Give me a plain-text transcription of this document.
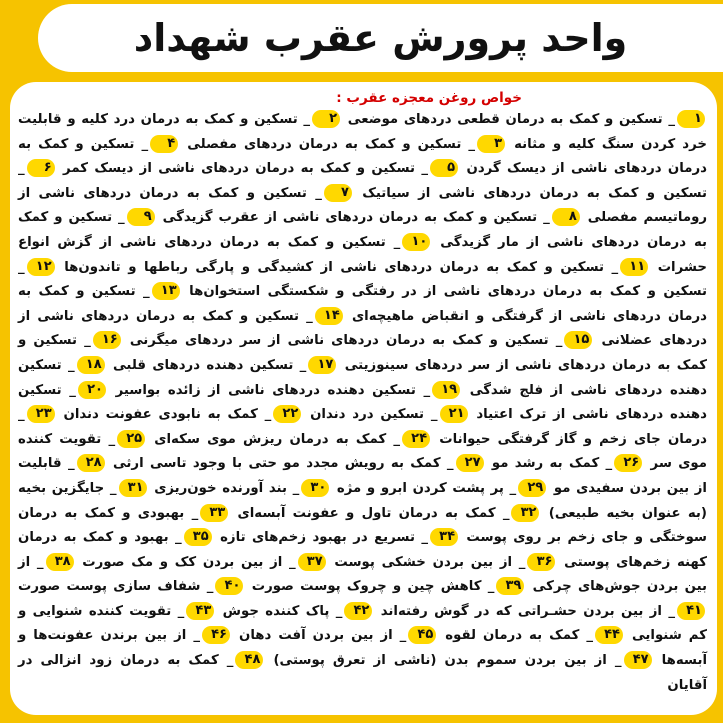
واحد پرورش عقرب شهداد
خواص روغن معجزه عقرب :
۱_ تسکین و کمک به درمان قطعی دردهای موضعی ۲_ تسکین و کمک به درمان درد کلیه و قابلیت خرد کردن سنگ کلیه و مثانه ۳_ تسکین و کمک به درمان دردهای مفصلی ۴_ تسکین و کمک به درمان دردهای ناشی از دیسک گردن ۵_ تسکین و کمک به درمان دردهای ناشی از دیسک کمر ۶_ تسکین و کمک به درمان دردهای ناشی از سیاتیک ۷_ تسکین و کمک به درمان دردهای ناشی از روماتیسم مفصلی ۸_ تسکین و کمک به درمان دردهای ناشی از عقرب گزیدگی ۹_ تسکین و کمک به درمان دردهای ناشی از مار گزیدگی ۱۰_ تسکین و کمک به درمان دردهای ناشی از گزش انواع حشرات ۱۱_ تسکین و کمک به درمان دردهای ناشی از کشیدگی و پارگی رباطها و تاندون‌ها ۱۲_ تسکین و کمک به درمان دردهای ناشی از در رفتگی و شکستگی استخوان‌ها ۱۳_ تسکین و کمک به درمان دردهای ناشی از گرفتگی و انقباض ماهیچه‌ای ۱۴_ تسکین و کمک به درمان دردهای ناشی از دردهای عضلانی ۱۵_ تسکین و کمک به درمان دردهای ناشی از سر دردهای میگرنی ۱۶_ تسکین و کمک به درمان دردهای ناشی از سر دردهای سینوزیتی ۱۷_ تسکین دهنده دردهای قلبی ۱۸_ تسکین دهنده دردهای ناشی از فلج شدگی ۱۹_ تسکین دهنده دردهای ناشی از زائده بواسیر ۲۰_ تسکین دهنده دردهای ناشی از ترک اعتیاد ۲۱_ تسکین درد دندان ۲۲_ کمک به نابودی عفونت دندان ۲۳_ درمان جای زخم و گاز گرفتگی حیوانات ۲۴_ کمک به درمان ریزش موی سکه‌ای ۲۵_ تقویت کننده موی سر ۲۶_ کمک به رشد مو ۲۷_ کمک به رویش مجدد مو حتی با وجود تاسی ارثی ۲۸_ قابلیت از بین بردن سفیدی مو ۲۹_ پر پشت کردن ابرو و مژه ۳۰_ بند آورنده خون‌ریزی ۳۱_ جایگزین بخیه (به عنوان بخیه طبیعی) ۳۲_ کمک به درمان تاول و عفونت آبسه‌ای ۳۳_ بهبودی و کمک به درمان سوختگی و جای زخم بر روی پوست ۳۴_ تسریع در بهبود زخم‌های تازه ۳۵_ بهبود و کمک به درمان کهنه زخم‌های پوستی ۳۶_ از بین بردن خشکی پوست ۳۷_ از بین بردن کک و مک صورت ۳۸_ از بین بردن جوش‌های چرکی ۳۹_ کاهش چین و چروک پوست صورت ۴۰_ شفاف سازی پوست صورت ۴۱_ از بین بردن حشـراتی که در گوش رفته‌اند ۴۲_ پاک کننده جوش ۴۳_ تقویت کننده شنوایی و کم شنوایی ۴۴_ کمک به درمان لقوه ۴۵_ از بین بردن آفت دهان ۴۶_ از بین برندن عفونت‌ها و آبسه‌ها ۴۷_ از بین بردن سموم بدن (ناشی از تعرق پوستی) ۴۸_ کمک به درمان زود انزالی در آقایان
